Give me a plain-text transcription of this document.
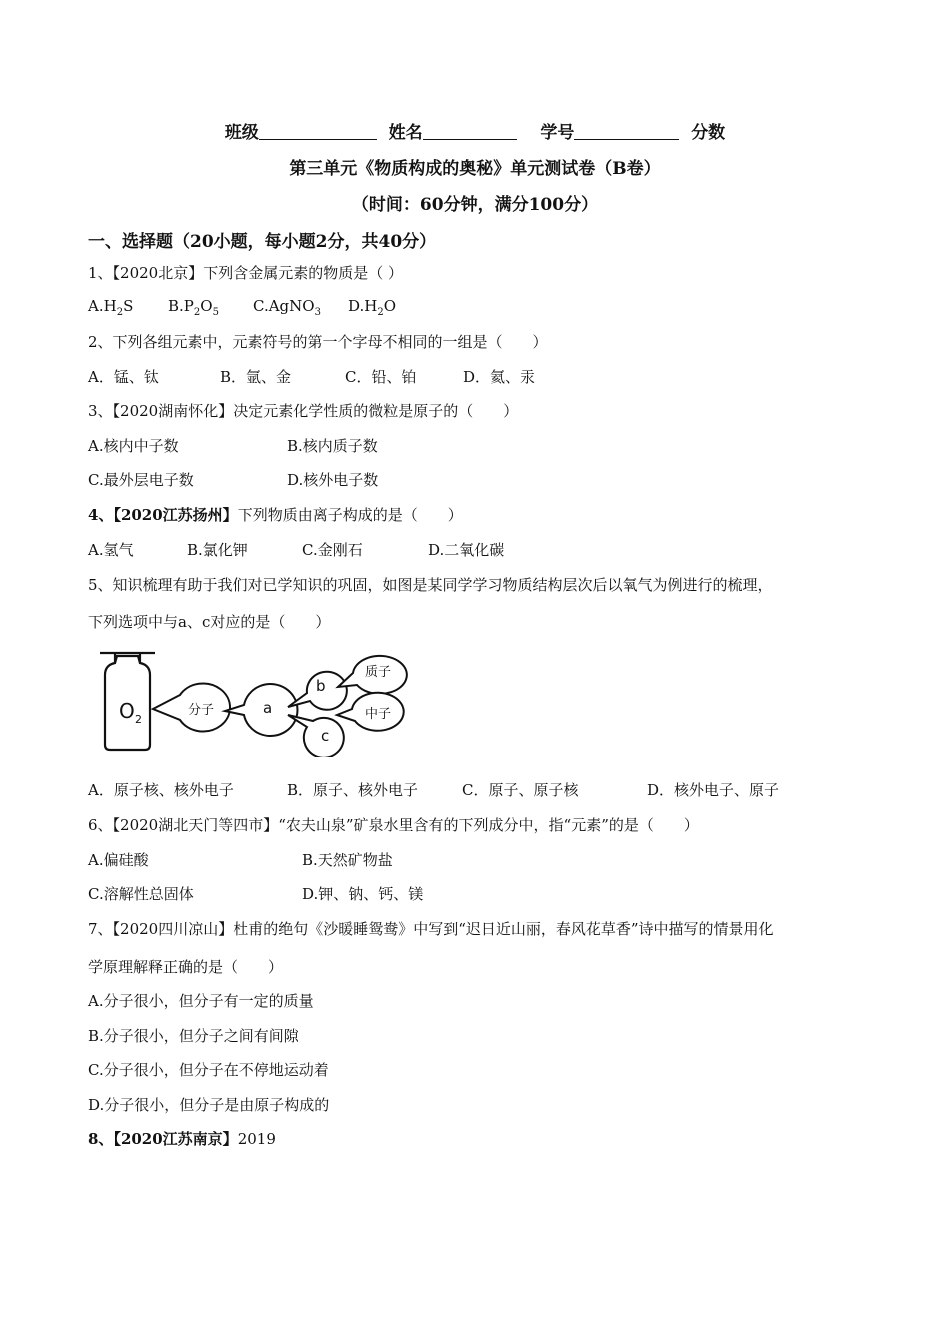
班级	姓名	学号	分数
第三单元《物质构成的奥秘》单元测试卷（B卷）
（时间：60分钟，满分100分）
一、选择题（20小题，每小题2分，共40分）
1、【2020北京】下列含金属元素的物质是（ ）
$A.H_2S$ $B.P_2O_5$ C.AgNO$_3$ $D.H_2O$
2、下列各组元素中，元素符号的第一个字母不相同的一组是（　　）
A．锰、钛	B．氩、金	C．铅、铂	D．氦、汞
3、【2020湖南怀化】决定元素化学性质的微粒是原子的（　　）
A.核内中子数	B.核内质子数
C.最外层电子数	D.核外电子数
4、【2020江苏扬州】下列物质由离子构成的是（　　）
A.氢气	B.氯化钾	C.金刚石	D.二氧化碳
5、知识梳理有助于我们对已学知识的巩固，如图是某同学学习物质结构层次后以氧气为例进行的梳理，
下列选项中与a、c对应的是（　　）
O 2
分子	a
b
c
质子
中子
A．原子核、核外电子	B．原子、核外电子	C．原子、原子核	D．核外电子、原子
6、【2020湖北天门等四市】“农夫山泉”矿泉水里含有的下列成分中，指“元素”的是（　　）
A.偏硅酸	B.天然矿物盐
C.溶解性总固体	D.钾、钠、钙、镁
7、【2020四川凉山】杜甫的绝句《沙暖睡鸳鸯》中写到“迟日近山丽，春风花草香”诗中描写的情景用化
学原理解释正确的是（　　）
A.分子很小，但分子有一定的质量
B.分子很小，但分子之间有间隙
C.分子很小，但分子在不停地运动着
D.分子很小，但分子是由原子构成的
8、【2020江苏南京】2019
